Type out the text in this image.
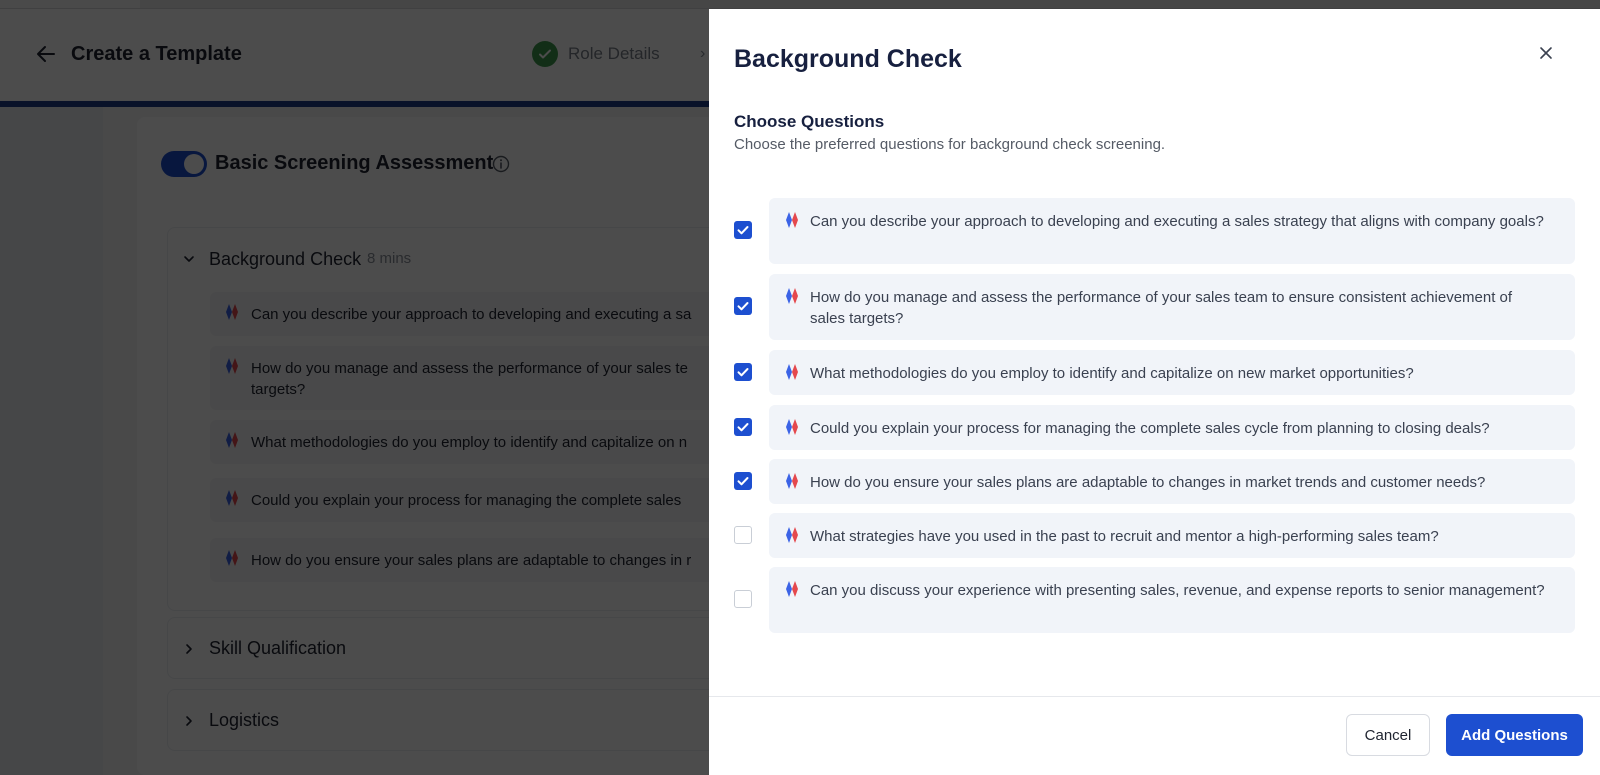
Background Check
Choose Questions
Choose the preferred questions for background check screening.
Can you describe your approach to developing and executing a sales strategy that aligns with company goals?
How do you manage and assess the performance of your sales team to ensure consistent achievement of sales targets?
What methodologies do you employ to identify and capitalize on new market opportunities?
Could you explain your process for managing the complete sales cycle from planning to closing deals?
How do you ensure your sales plans are adaptable to changes in market trends and customer needs?
What strategies have you used in the past to recruit and mentor a high-performing sales team?
Can you discuss your experience with presenting sales, revenue, and expense reports to senior management?
Cancel	Add Questions
